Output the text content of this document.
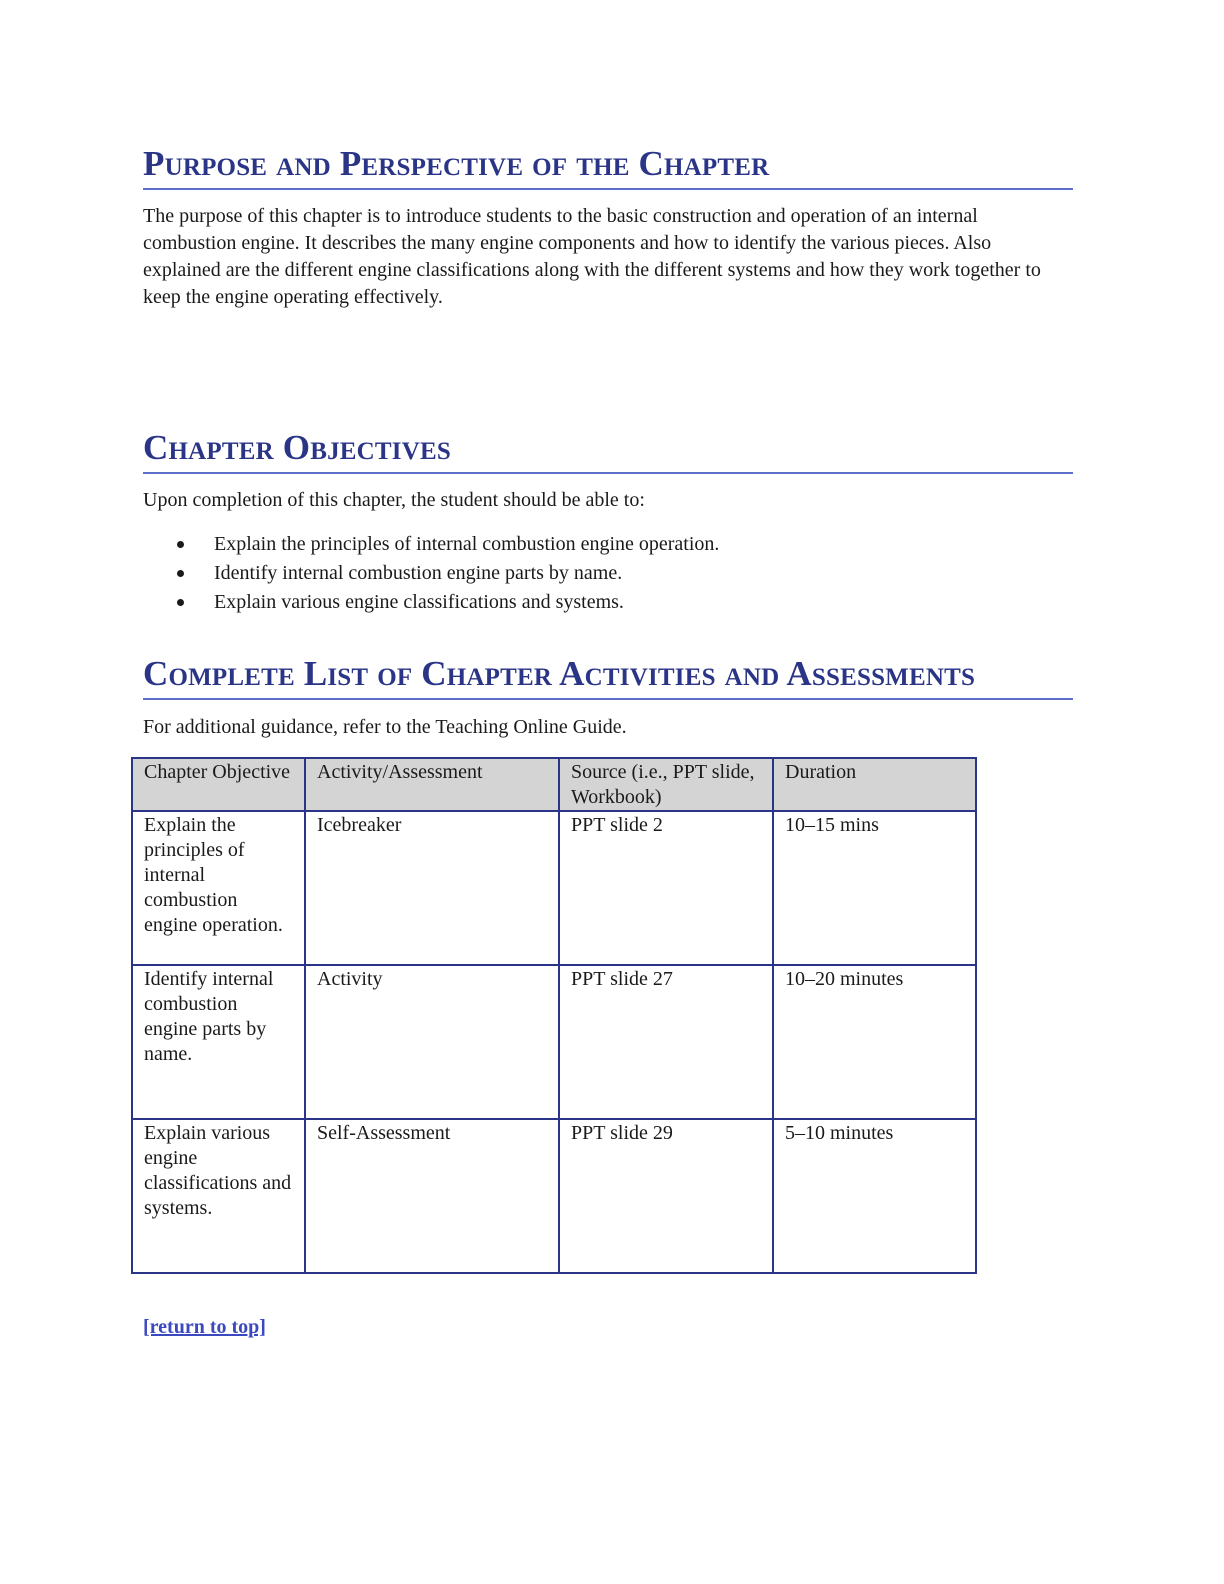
Purpose and Perspective of the Chapter

The purpose of this chapter is to introduce students to the basic construction and operation of an internal combustion engine. It describes the many engine components and how to identify the various pieces. Also explained are the different engine classifications along with the different systems and how they work together to keep the engine operating effectively.

Chapter Objectives

Upon completion of this chapter, the student should be able to:

Explain the principles of internal combustion engine operation.
Identify internal combustion engine parts by name.
Explain various engine classifications and systems.
Complete List of Chapter Activities and Assessments

For additional guidance, refer to the Teaching Online Guide.

Chapter Objective	Activity/Assessment	Source (i.e., PPT slide, Workbook)	Duration
Explain the principles of internal combustion engine operation.	Icebreaker	PPT slide 2	10–15 mins
Identify internal combustion engine parts by name.	Activity	PPT slide 27	10–20 minutes
Explain various engine classifications and systems.	Self-Assessment	PPT slide 29	5–10 minutes
[return to top]
